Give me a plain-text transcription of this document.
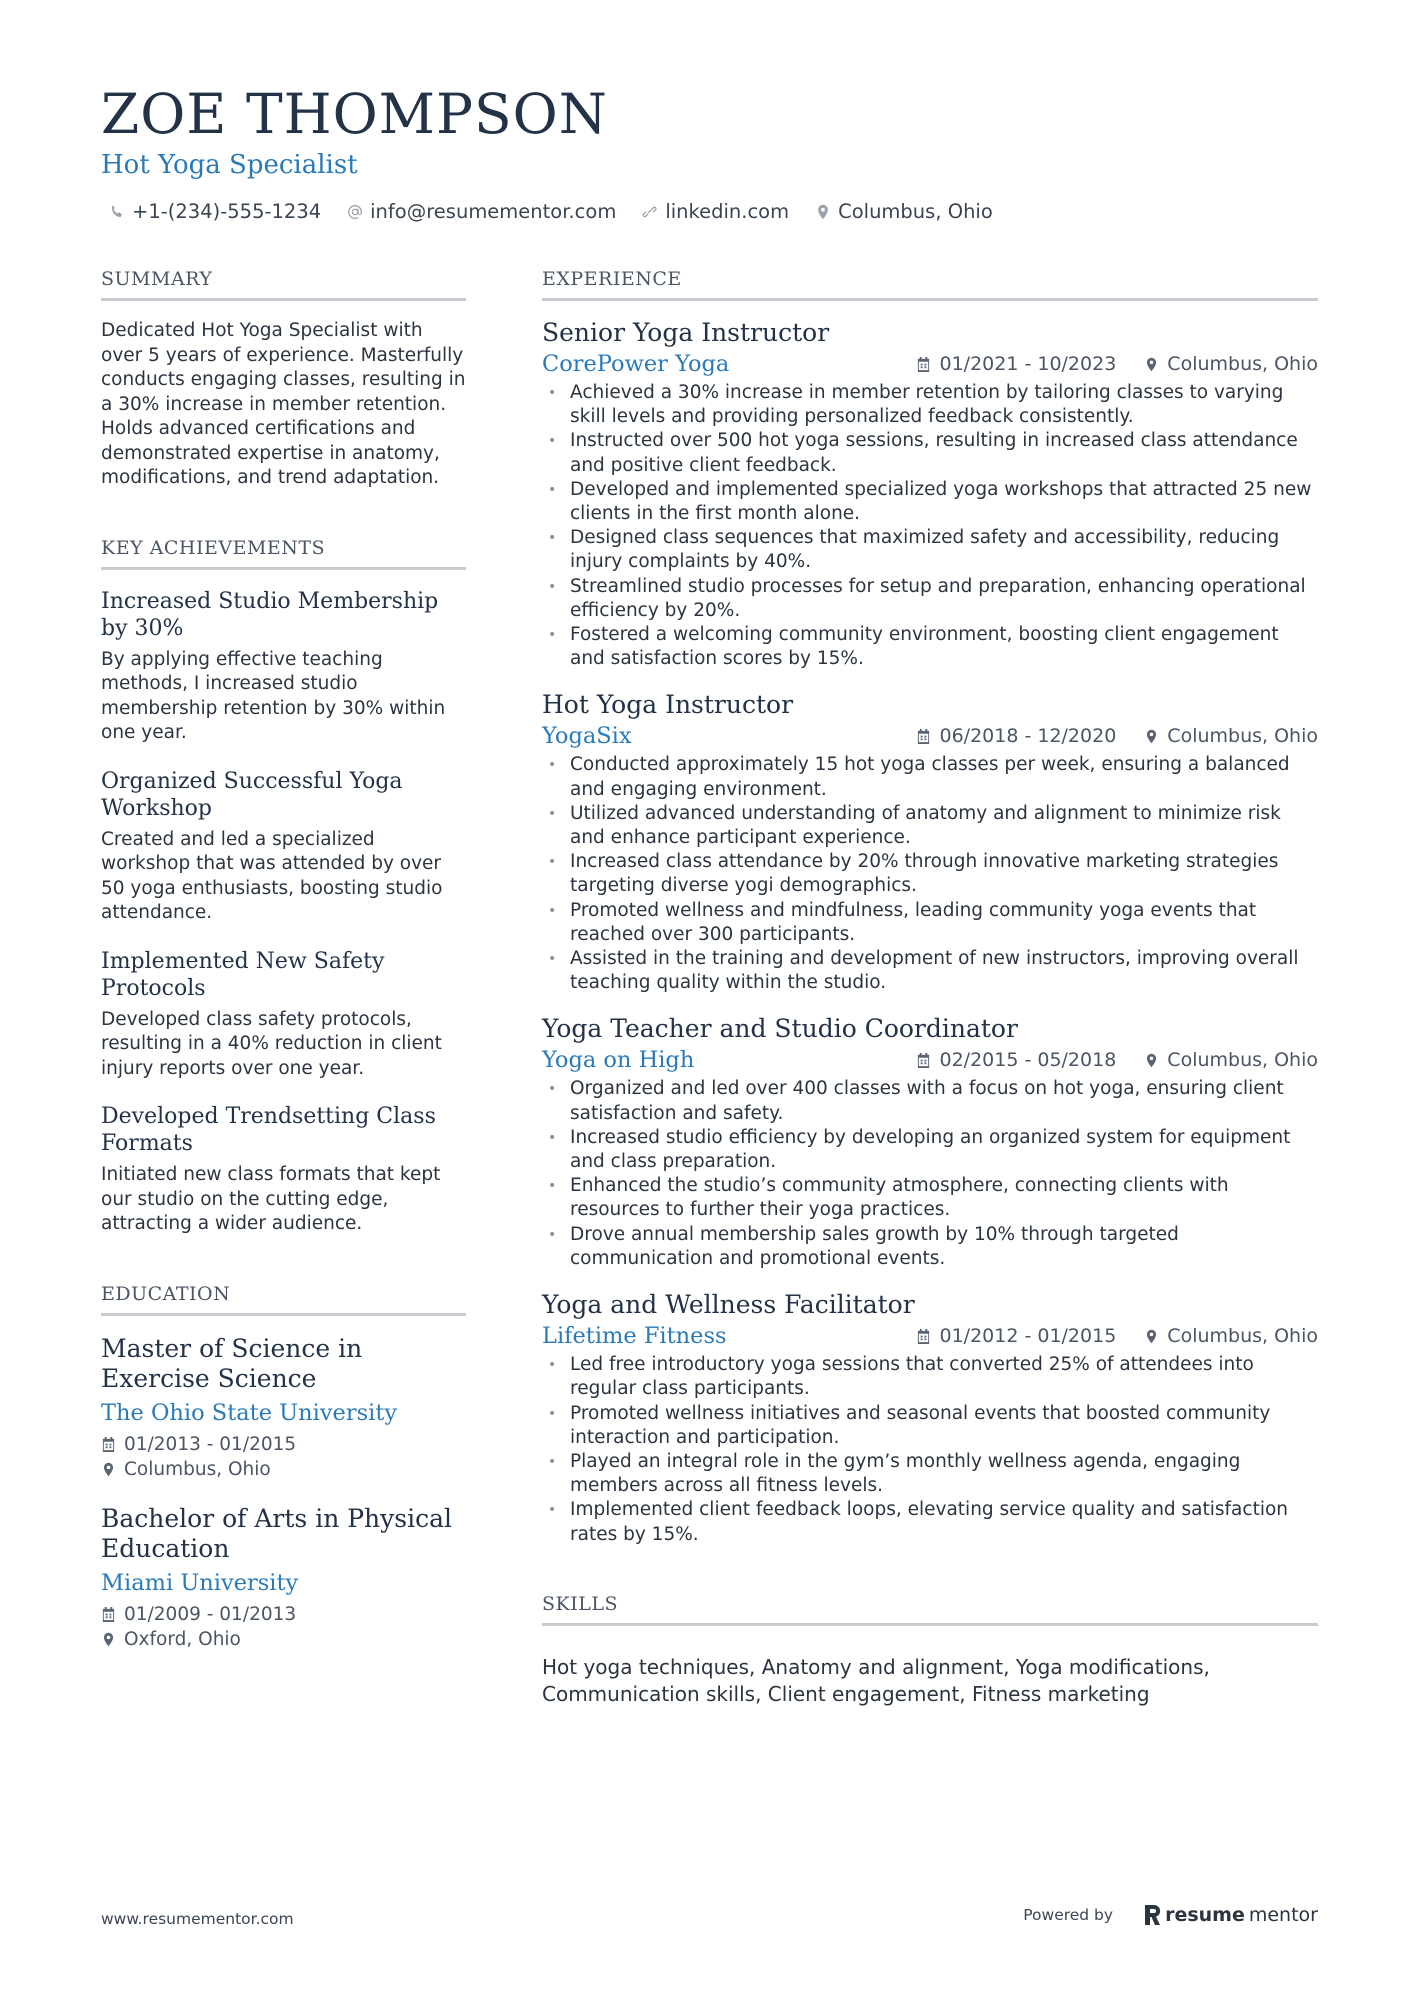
ZOE THOMPSON
Hot Yoga Specialist
+1-(234)-555-1234	info@resumementor.com	linkedin.com	Columbus, Ohio
SUMMARY
Dedicated Hot Yoga Specialist with over 5 years of experience. Masterfully conducts engaging classes, resulting in a 30% increase in member retention. Holds advanced certifications and demonstrated expertise in anatomy, modifications, and trend adaptation.
KEY ACHIEVEMENTS
Increased Studio Membership by 30%
By applying effective teaching methods, I increased studio membership retention by 30% within one year.
Organized Successful Yoga Workshop
Created and led a specialized workshop that was attended by over 50 yoga enthusiasts, boosting studio attendance.
Implemented New Safety Protocols
Developed class safety protocols, resulting in a 40% reduction in client injury reports over one year.
Developed Trendsetting Class Formats
Initiated new class formats that kept our studio on the cutting edge, attracting a wider audience.
EDUCATION
Master of Science in Exercise Science
The Ohio State University
01/2013 - 01/2015
Columbus, Ohio
Bachelor of Arts in Physical Education
Miami University
01/2009 - 01/2013
Oxford, Ohio
EXPERIENCE
Senior Yoga Instructor
CorePower Yoga	01/2021 - 10/2023	Columbus, Ohio
• Achieved a 30% increase in member retention by tailoring classes to varying skill levels and providing personalized feedback consistently.
• Instructed over 500 hot yoga sessions, resulting in increased class attendance and positive client feedback.
• Developed and implemented specialized yoga workshops that attracted 25 new clients in the first month alone.
• Designed class sequences that maximized safety and accessibility, reducing injury complaints by 40%.
• Streamlined studio processes for setup and preparation, enhancing operational efficiency by 20%.
• Fostered a welcoming community environment, boosting client engagement and satisfaction scores by 15%.
Hot Yoga Instructor
YogaSix	06/2018 - 12/2020	Columbus, Ohio
• Conducted approximately 15 hot yoga classes per week, ensuring a balanced and engaging environment.
• Utilized advanced understanding of anatomy and alignment to minimize risk and enhance participant experience.
• Increased class attendance by 20% through innovative marketing strategies targeting diverse yogi demographics.
• Promoted wellness and mindfulness, leading community yoga events that reached over 300 participants.
• Assisted in the training and development of new instructors, improving overall teaching quality within the studio.
Yoga Teacher and Studio Coordinator
Yoga on High	02/2015 - 05/2018	Columbus, Ohio
• Organized and led over 400 classes with a focus on hot yoga, ensuring client satisfaction and safety.
• Increased studio efficiency by developing an organized system for equipment and class preparation.
• Enhanced the studio’s community atmosphere, connecting clients with resources to further their yoga practices.
• Drove annual membership sales growth by 10% through targeted communication and promotional events.
Yoga and Wellness Facilitator
Lifetime Fitness	01/2012 - 01/2015	Columbus, Ohio
• Led free introductory yoga sessions that converted 25% of attendees into regular class participants.
• Promoted wellness initiatives and seasonal events that boosted community interaction and participation.
• Played an integral role in the gym’s monthly wellness agenda, engaging members across all fitness levels.
• Implemented client feedback loops, elevating service quality and satisfaction rates by 15%.
SKILLS
Hot yoga techniques, Anatomy and alignment, Yoga modifications, Communication skills, Client engagement, Fitness marketing
www.resumementor.com	Powered by	resume mentor
